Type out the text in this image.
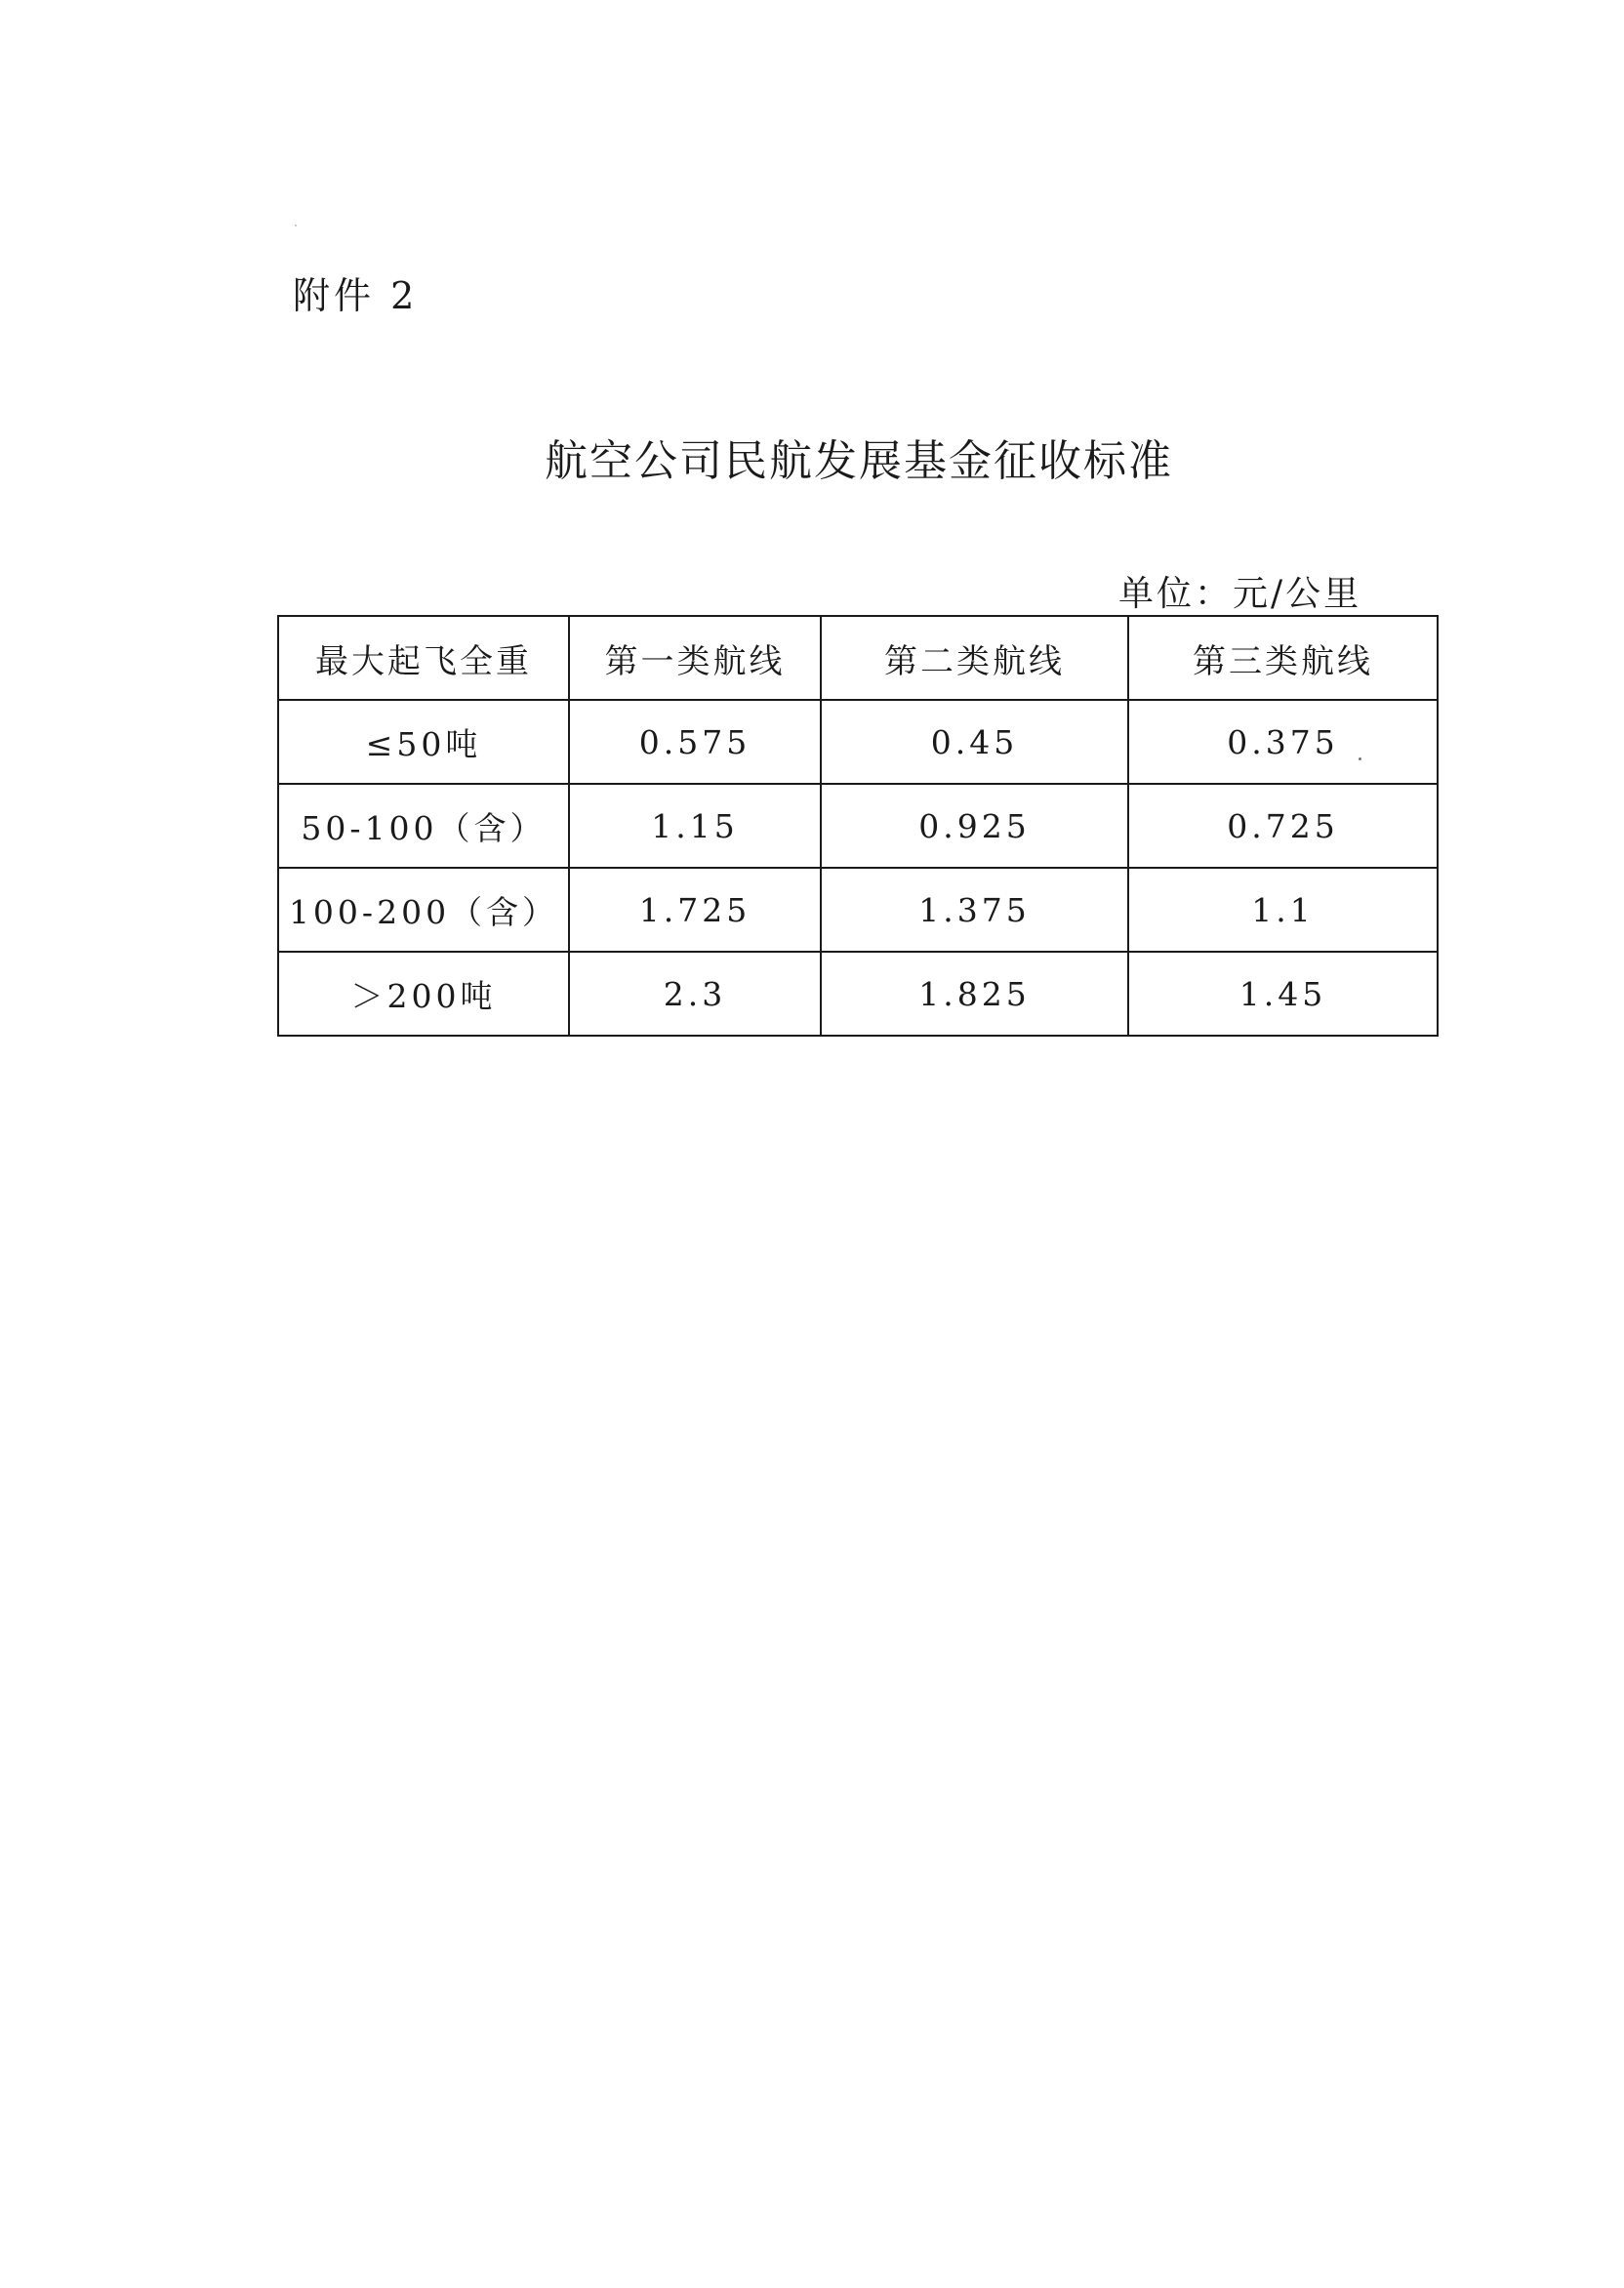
附件 2
航空公司民航发展基金征收标准
单位：元/公里
最大起飞全重	第一类航线	第二类航线	第三类航线
≤50吨	0.575	0.45	0.375
50-100（含）	1.15	0.925	0.725
100-200（含）	1.725	1.375	1.1
＞200吨	2.3	1.825	1.45
